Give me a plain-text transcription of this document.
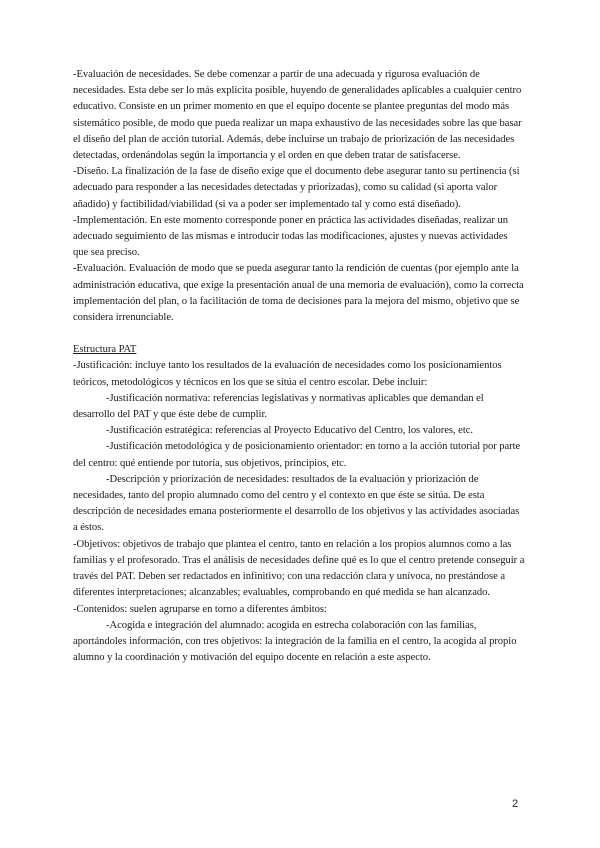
-Evaluación de necesidades. Se debe comenzar a partir de una adecuada y rigurosa evaluación de necesidades. Esta debe ser lo más explícita posible, huyendo de generalidades aplicables a cualquier centro educativo. Consiste en un primer momento en que el equipo docente se plantee preguntas del modo más sistemático posible, de modo que pueda realizar un mapa exhaustivo de las necesidades sobre las que basar el diseño del plan de acción tutorial. Además, debe incluirse un trabajo de priorización de las necesidades detectadas, ordenándolas según la importancia y el orden en que deben tratar de satisfacerse.

-Diseño. La finalización de la fase de diseño exige que el documento debe asegurar tanto su pertinencia (si adecuado para responder a las necesidades detectadas y priorizadas), como su calidad (si aporta valor añadido) y factibilidad/viabilidad (si va a poder ser implementado tal y como está diseñado).

-Implementación. En este momento corresponde poner en práctica las actividades diseñadas, realizar un adecuado seguimiento de las mismas e introducir todas las modificaciones, ajustes y nuevas actividades que sea preciso.

-Evaluación. Evaluación de modo que se pueda asegurar tanto la rendición de cuentas (por ejemplo ante la administración educativa, que exige la presentación anual de una memoria de evaluación), como la correcta implementación del plan, o la facilitación de toma de decisiones para la mejora del mismo, objetivo que se considera irrenunciable.

Estructura PAT

-Justificación: incluye tanto los resultados de la evaluación de necesidades como los posicionamientos teóricos, metodológicos y técnicos en los que se sitúa el centro escolar. Debe incluir:

-Justificación normativa: referencias legislativas y normativas aplicables que demandan el desarrollo del PAT y que éste debe de cumplir.

-Justificación estratégica: referencias al Proyecto Educativo del Centro, los valores, etc.

-Justificación metodológica y de posicionamiento orientador: en torno a la acción tutorial por parte del centro: qué entiende por tutoría, sus objetivos, principios, etc.

-Descripción y priorización de necesidades: resultados de la evaluación y priorización de necesidades, tanto del propio alumnado como del centro y el contexto en que éste se sitúa. De esta descripción de necesidades emana posteriormente el desarrollo de los objetivos y las actividades asociadas a éstos.

-Objetivos: objetivos de trabajo que plantea el centro, tanto en relación a los propios alumnos como a las familias y el profesorado. Tras el análisis de necesidades define qué es lo que el centro pretende conseguir a través del PAT. Deben ser redactados en infinitivo; con una redacción clara y unívoca, no prestándose a diferentes interpretaciones; alcanzables; evaluables, comprobando en qué medida se han alcanzado.

-Contenidos: suelen agruparse en torno a diferentes ámbitos:

-Acogida e integración del alumnado: acogida en estrecha colaboración con las familias, aportándoles información, con tres objetivos: la integración de la familia en el centro, la acogida al propio alumno y la coordinación y motivación del equipo docente en relación a este aspecto.

2
